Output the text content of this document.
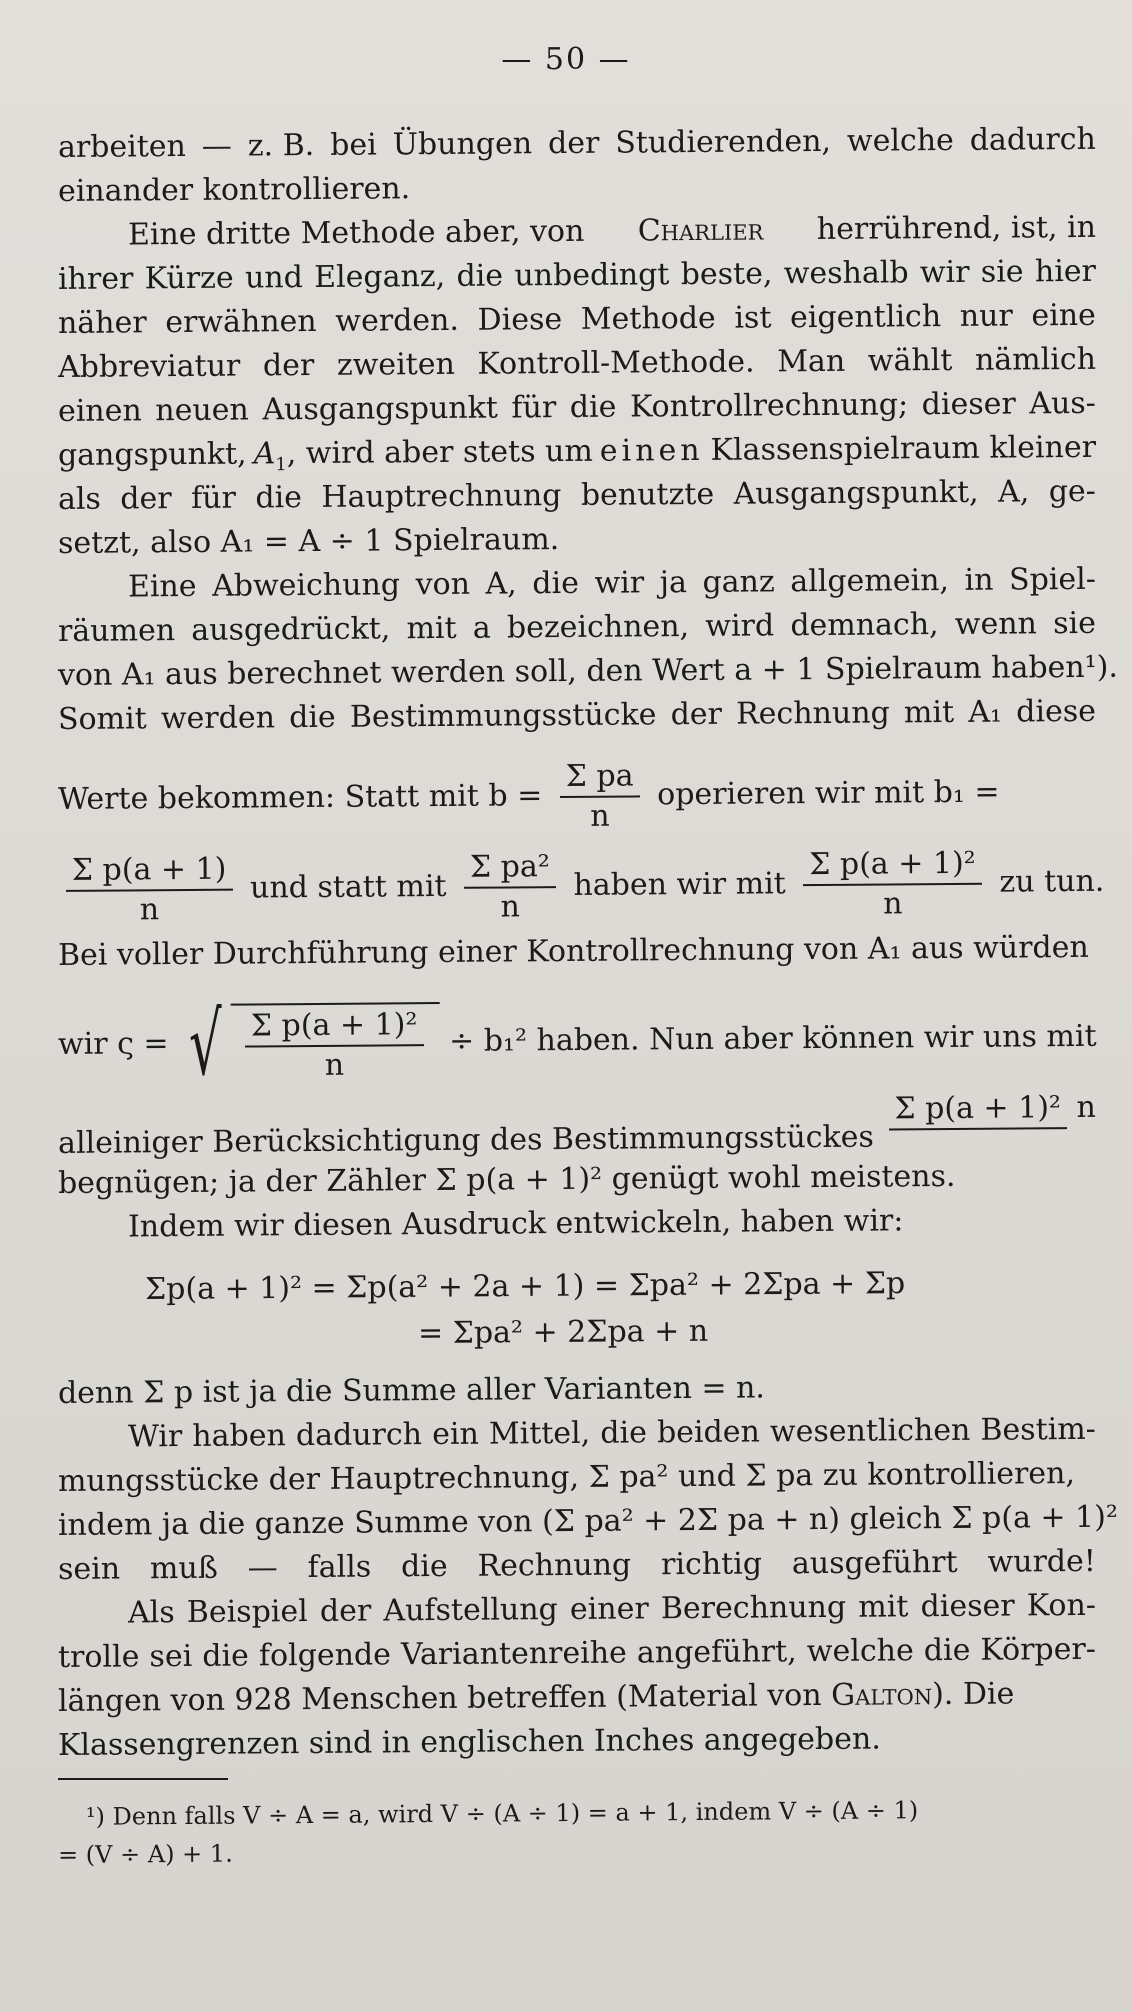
— 50 —
arbeiten — z. B. bei Übungen der Studierenden, welche dadurch
einander kontrollieren.
Eine dritte Methode aber, von Charlier herrührend, ist, in
ihrer Kürze und Eleganz, die unbedingt beste, weshalb wir sie hier
näher erwähnen werden. Diese Methode ist eigentlich nur eine
Abbreviatur der zweiten Kontroll-Methode. Man wählt nämlich
einen neuen Ausgangspunkt für die Kontrollrechnung; dieser Aus-
gangspunkt, $A_1$, wird aber stets um einen Klassenspielraum kleiner
als der für die Hauptrechnung benutzte Ausgangspunkt, A, ge-
setzt, also A₁ = A ÷ 1 Spielraum.
Eine Abweichung von A, die wir ja ganz allgemein, in Spiel-
räumen ausgedrückt, mit a bezeichnen, wird demnach, wenn sie
von A₁ aus berechnet werden soll, den Wert a + 1 Spielraum haben¹).
Somit werden die Bestimmungsstücke der Rechnung mit A₁ diese
Werte bekommen: Statt mit $b = \frac{\text{Σ pa}}{n}$ operieren wir mit b₁ =
$\frac{\text{Σ p(a + 1)}}{n}$ und statt mit $\frac{\text{Σ pa²}}{n}$ haben wir mit $\frac{\text{Σ p(a + 1)²}}{n}$ zu tun.
Bei voller Durchführung einer Kontrollrechnung von A₁ aus würden
wir ς = √ $\frac{\text{Σ p(a + 1)²}}{n} \div b_1^2$ haben. Nun aber können wir uns mit
alleiniger Berücksichtigung des Bestimmungsstückes
Σ p(a + 1)² n
begnügen; ja der Zähler Σ p(a + 1)² genügt wohl meistens.
Indem wir diesen Ausdruck entwickeln, haben wir:
Σp(a + 1)² = Σp(a² + 2a + 1) = Σpa² + 2Σpa + Σp
= Σpa² + 2Σpa + n
denn Σ p ist ja die Summe aller Varianten = n.
Wir haben dadurch ein Mittel, die beiden wesentlichen Bestim-
mungsstücke der Hauptrechnung, Σ pa² und Σ pa zu kontrollieren,
indem ja die ganze Summe von (Σ pa² + 2Σ pa + n) gleich Σ p(a + 1)²
sein muß — falls die Rechnung richtig ausgeführt wurde!
Als Beispiel der Aufstellung einer Berechnung mit dieser Kon-
trolle sei die folgende Variantenreihe angeführt, welche die Körper-
längen von 928 Menschen betreffen (Material von Galton). Die
Klassengrenzen sind in englischen Inches angegeben.
¹) Denn falls V ÷ A = a, wird V ÷ (A ÷ 1) = a + 1, indem V ÷ (A ÷ 1)
= (V ÷ A) + 1.
